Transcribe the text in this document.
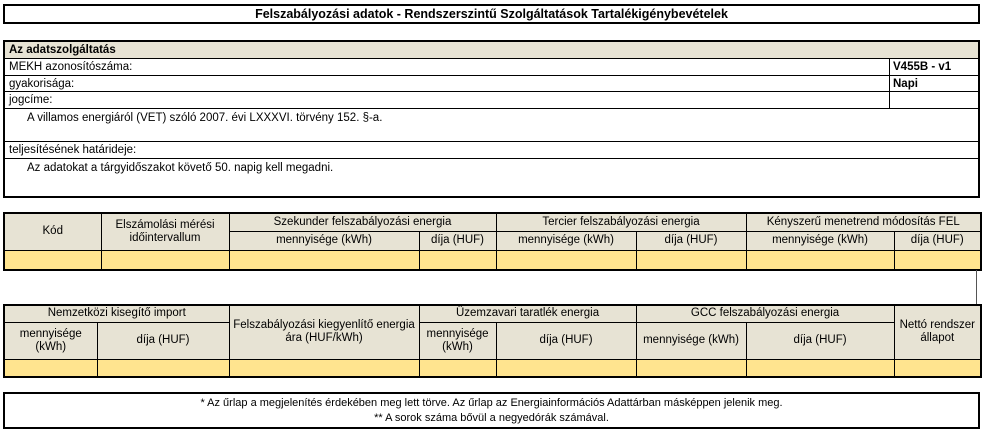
Felszabályozási adatok - Rendszerszintű Szolgáltatások Tartalékigénybevételek
Az adatszolgáltatás
MEKH azonosítószáma:	V455B - v1
gyakorisága:	Napi
jogcíme:
A villamos energiáról (VET) szóló 2007. évi LXXXVI. törvény 152. §-a.
teljesítésének határideje:
Az adatokat a tárgyidőszakot követő 50. napig kell megadni.
Kód	Elszámolási mérési időintervallum	Szekunder felszabályozási energia		Tercier felszabályozási energia		Kényszerű menetrend módosítás FEL	
		mennyisége (kWh)	díja (HUF)	mennyisége (kWh)	díja (HUF)	mennyisége (kWh)	díja (HUF)

Nemzetközi kisegítő import		Felszabályozási kiegyenlítő energia ára (HUF/kWh)	Üzemzavari taratlék energia		GCC felszabályozási energia		Nettó rendszer állapot
mennyisége (kWh)	díja (HUF)		mennyisége (kWh)	díja (HUF)	mennyisége (kWh)	díja (HUF)	

* Az űrlap a megjelenítés érdekében meg lett törve. Az űrlap az Energiainformációs Adattárban másképpen jelenik meg.
** A sorok száma bővül a negyedórák számával.
